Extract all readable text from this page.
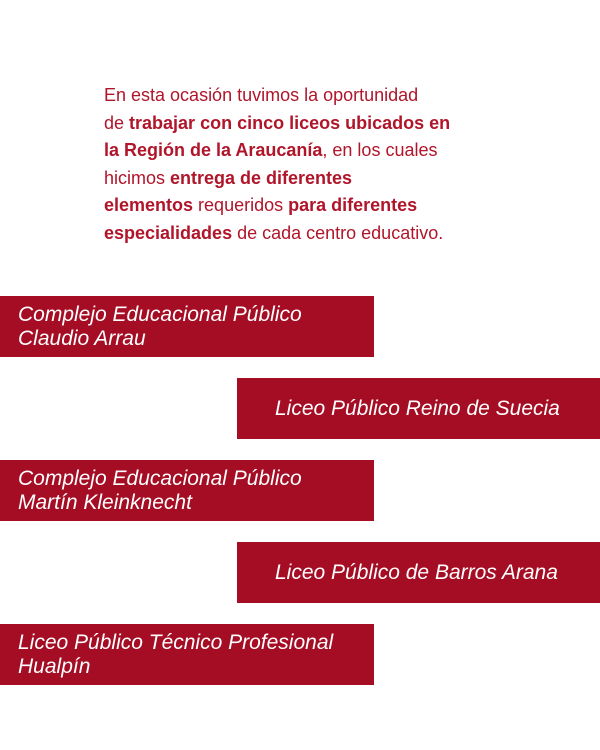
En esta ocasión tuvimos la oportunidad
de trabajar con cinco liceos ubicados en
la Región de la Araucanía, en los cuales
hicimos entrega de diferentes
elementos requeridos para diferentes
especialidades de cada centro educativo.

Complejo Educacional Público
Claudio Arrau
Liceo Público Reino de Suecia
Complejo Educacional Público
Martín Kleinknecht
Liceo Público de Barros Arana
Liceo Público Técnico Profesional
Hualpín
